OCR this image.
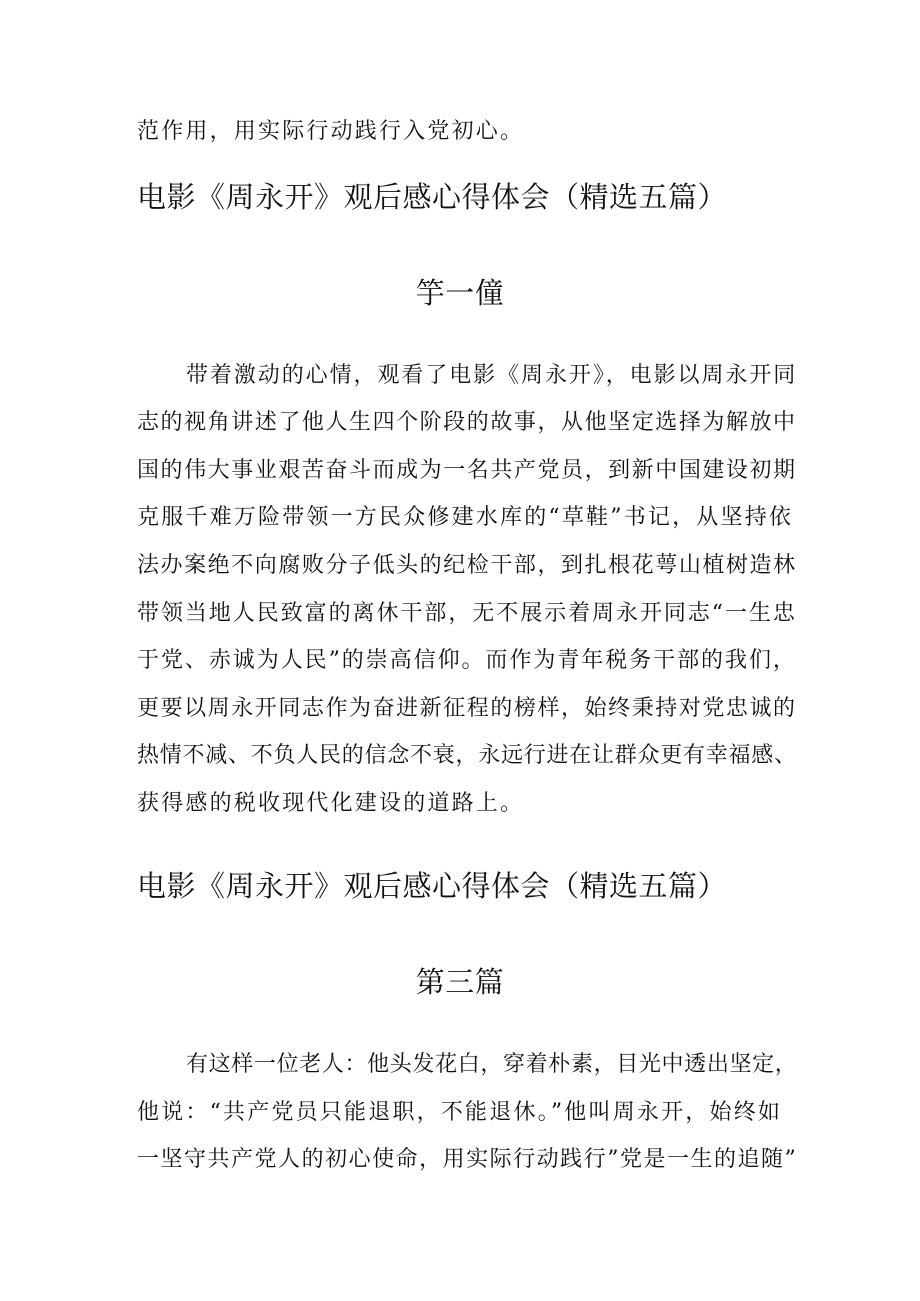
范作用，用实际行动践行入党初心。
电影《周永开》观后感心得体会（精选五篇）
竽一僮
带着激动的心情，观看了电影《周永开》，电影以周永开同
志的视角讲述了他人生四个阶段的故事，从他坚定选择为解放中
国的伟大事业艰苦奋斗而成为一名共产党员，到新中国建设初期
克服千难万险带领一方民众修建水库的“草鞋”书记，从坚持依
法办案绝不向腐败分子低头的纪检干部，到扎根花萼山植树造林
带领当地人民致富的离休干部，无不展示着周永开同志“一生忠
于党、赤诚为人民”的崇高信仰。而作为青年税务干部的我们，
更要以周永开同志作为奋进新征程的榜样，始终秉持对党忠诚的
热情不减、不负人民的信念不衰，永远行进在让群众更有幸福感、
获得感的税收现代化建设的道路上。
电影《周永开》观后感心得体会（精选五篇）
第三篇
有这样一位老人：他头发花白，穿着朴素，目光中透出坚定，
他说：“共产党员只能退职，不能退休。”他叫周永开，始终如
一坚守共产党人的初心使命，用实际行动践行”党是一生的追随”
